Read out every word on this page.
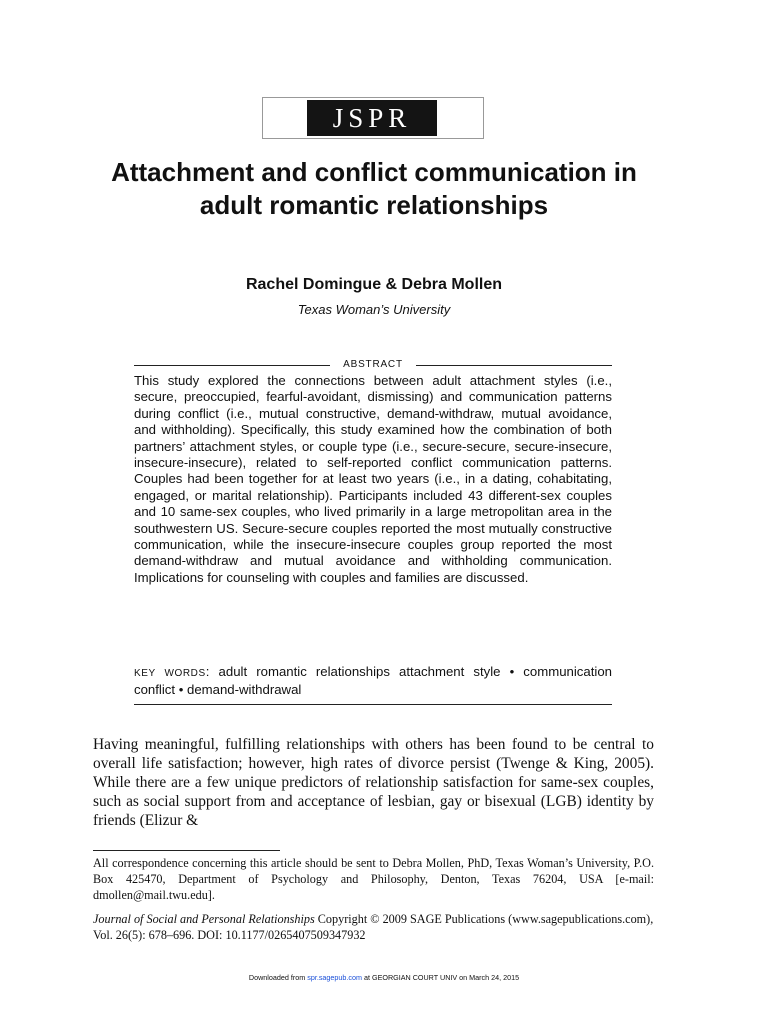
JSPR
Attachment and conflict communication in adult romantic relationships
Rachel Domingue & Debra Mollen
Texas Woman’s University
ABSTRACT

This study explored the connections between adult attachment styles (i.e., secure, preoccupied, fearful-avoidant, dismissing) and communication patterns during conflict (i.e., mutual constructive, demand-withdraw, mutual avoidance, and withholding). Specifically, this study examined how the combination of both partners’ attachment styles, or couple type (i.e., secure-secure, secure-insecure, insecure-insecure), related to self-reported conflict communication patterns. Couples had been together for at least two years (i.e., in a dating, cohabitating, engaged, or marital relationship). Participants included 43 different-sex couples and 10 same-sex couples, who lived primarily in a large metropolitan area in the southwestern US. Secure-secure couples reported the most mutually constructive communication, while the insecure-insecure couples group reported the most demand-withdraw and mutual avoidance and withholding communication. Implications for counseling with couples and families are discussed.

KEY WORDS: adult romantic relationships attachment style • communication conflict • demand-withdrawal

Having meaningful, fulfilling relationships with others has been found to be central to overall life satisfaction; however, high rates of divorce persist (Twenge & King, 2005). While there are a few unique predictors of relationship satisfaction for same-sex couples, such as social support from and acceptance of lesbian, gay or bisexual (LGB) identity by friends (Elizur &

All correspondence concerning this article should be sent to Debra Mollen, PhD, Texas Woman’s University, P.O. Box 425470, Department of Psychology and Philosophy, Denton, Texas 76204, USA [e-mail: dmollen@mail.twu.edu].

Journal of Social and Personal Relationships Copyright © 2009 SAGE Publications (www.sagepublications.com), Vol. 26(5): 678–696. DOI: 10.1177/0265407509347932

Downloaded from spr.sagepub.com at GEORGIAN COURT UNIV on March 24, 2015
